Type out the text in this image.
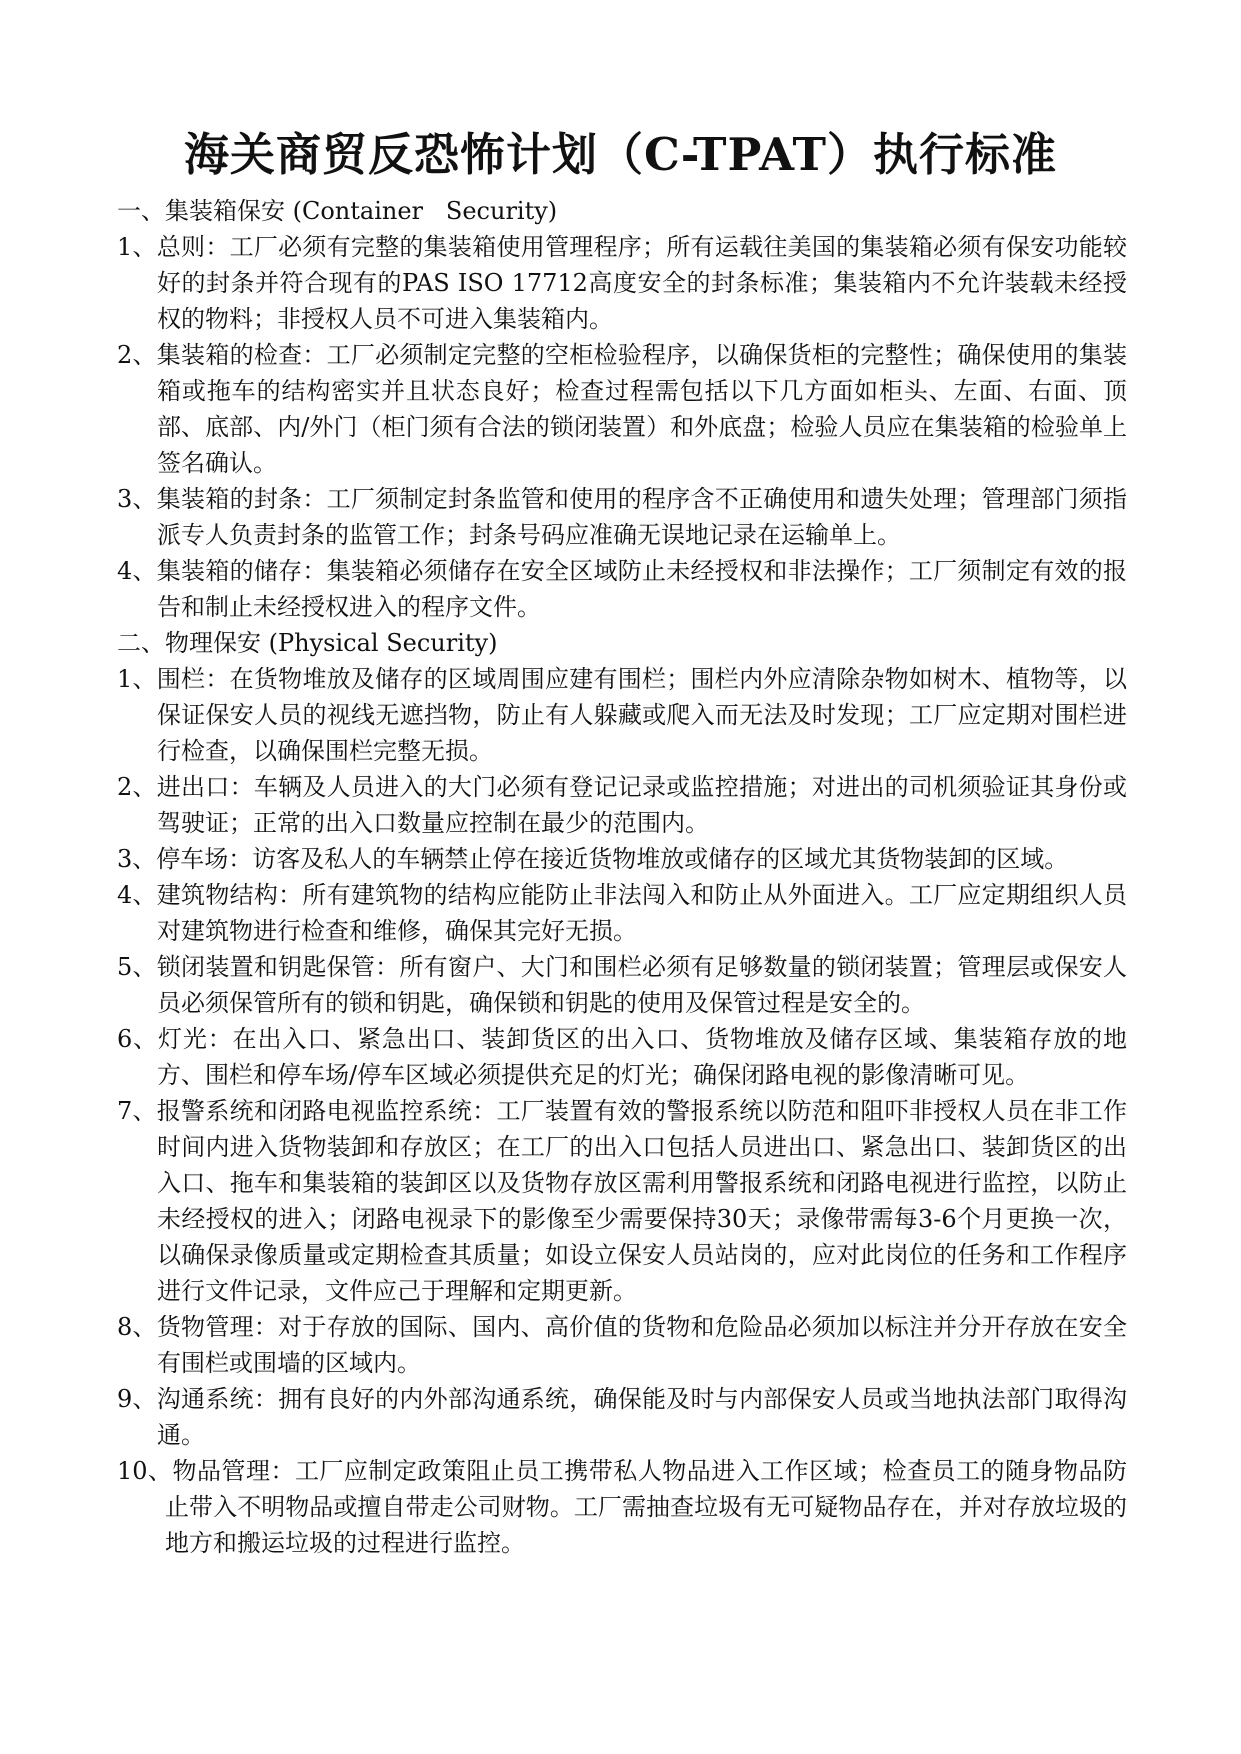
海关商贸反恐怖计划（C-TPAT）执行标准
一、集装箱保安 (Container   Security)
1、总则：工厂必须有完整的集装箱使用管理程序；所有运载往美国的集装箱必须有保安功能较好的封条并符合现有的PAS ISO 17712高度安全的封条标准；集装箱内不允许装载未经授权的物料；非授权人员不可进入集装箱内。
2、集装箱的检查：工厂必须制定完整的空柜检验程序，以确保货柜的完整性；确保使用的集装箱或拖车的结构密实并且状态良好；检查过程需包括以下几方面如柜头、左面、右面、顶部、底部、内/外门（柜门须有合法的锁闭装置）和外底盘；检验人员应在集装箱的检验单上签名确认。
3、集装箱的封条：工厂须制定封条监管和使用的程序含不正确使用和遗失处理；管理部门须指派专人负责封条的监管工作；封条号码应准确无误地记录在运输单上。
4、集装箱的储存：集装箱必须储存在安全区域防止未经授权和非法操作；工厂须制定有效的报告和制止未经授权进入的程序文件。
二、物理保安 (Physical Security)
1、围栏：在货物堆放及储存的区域周围应建有围栏；围栏内外应清除杂物如树木、植物等，以保证保安人员的视线无遮挡物，防止有人躲藏或爬入而无法及时发现；工厂应定期对围栏进行检查，以确保围栏完整无损。
2、进出口：车辆及人员进入的大门必须有登记记录或监控措施；对进出的司机须验证其身份或驾驶证；正常的出入口数量应控制在最少的范围内。
3、停车场：访客及私人的车辆禁止停在接近货物堆放或储存的区域尤其货物装卸的区域。
4、建筑物结构：所有建筑物的结构应能防止非法闯入和防止从外面进入。工厂应定期组织人员对建筑物进行检查和维修，确保其完好无损。
5、锁闭装置和钥匙保管：所有窗户、大门和围栏必须有足够数量的锁闭装置；管理层或保安人员必须保管所有的锁和钥匙，确保锁和钥匙的使用及保管过程是安全的。
6、灯光：在出入口、紧急出口、装卸货区的出入口、货物堆放及储存区域、集装箱存放的地方、围栏和停车场/停车区域必须提供充足的灯光；确保闭路电视的影像清晰可见。
7、报警系统和闭路电视监控系统：工厂装置有效的警报系统以防范和阻吓非授权人员在非工作时间内进入货物装卸和存放区；在工厂的出入口包括人员进出口、紧急出口、装卸货区的出入口、拖车和集装箱的装卸区以及货物存放区需利用警报系统和闭路电视进行监控，以防止未经授权的进入；闭路电视录下的影像至少需要保持30天；录像带需每3-6个月更换一次，以确保录像质量或定期检查其质量；如设立保安人员站岗的，应对此岗位的任务和工作程序进行文件记录，文件应己于理解和定期更新。
8、货物管理：对于存放的国际、国内、高价值的货物和危险品必须加以标注并分开存放在安全有围栏或围墙的区域内。
9、沟通系统：拥有良好的内外部沟通系统，确保能及时与内部保安人员或当地执法部门取得沟通。
10、物品管理：工厂应制定政策阻止员工携带私人物品进入工作区域；检查员工的随身物品防止带入不明物品或擅自带走公司财物。工厂需抽查垃圾有无可疑物品存在，并对存放垃圾的地方和搬运垃圾的过程进行监控。
